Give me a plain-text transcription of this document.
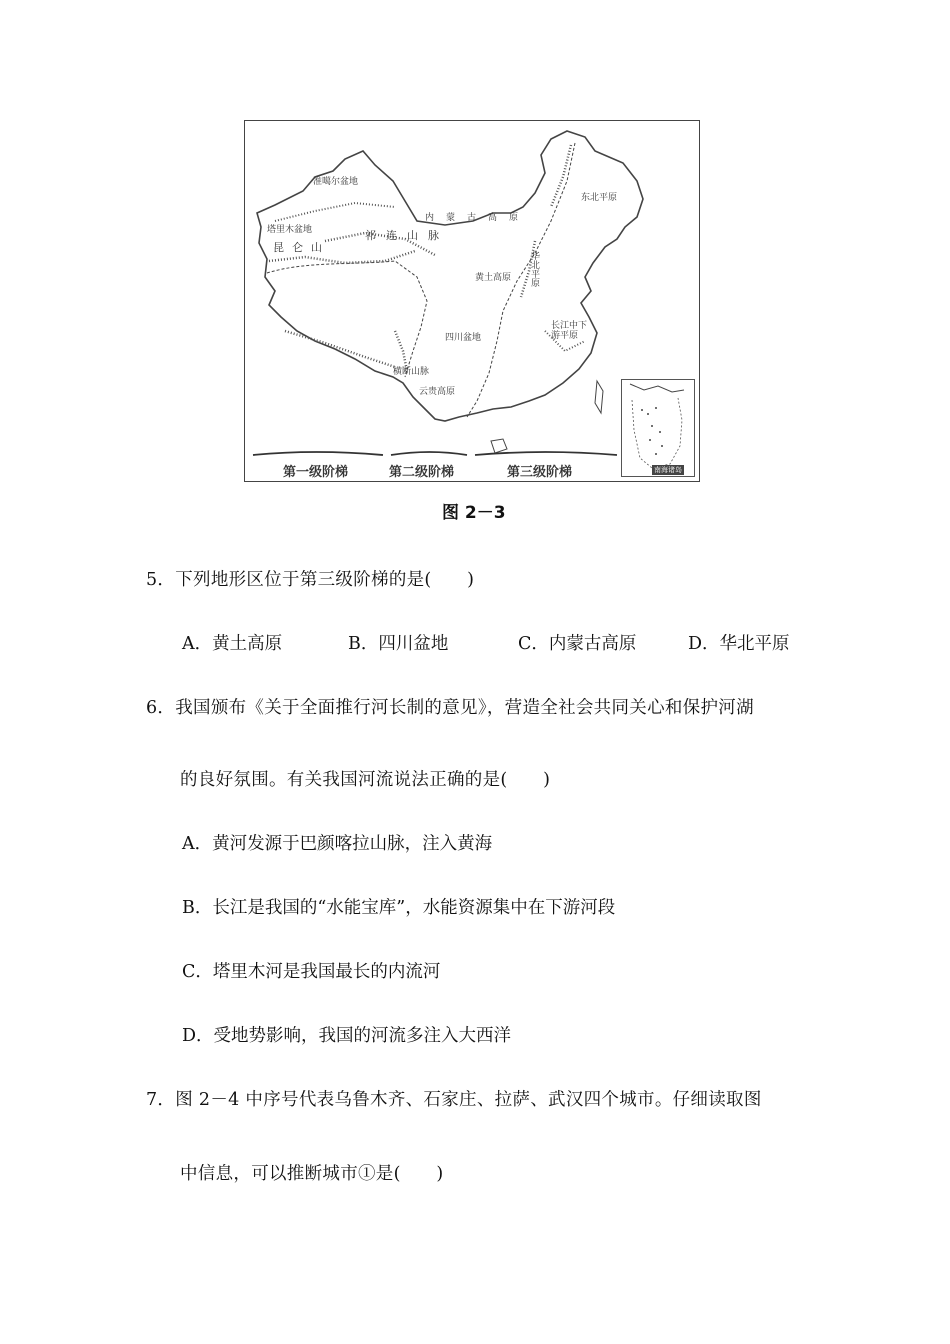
准噶尔盆地
塔里木盆地
昆仑山
祁连山脉
内蒙古高原
东北平原
黄土高原 华北平原
四川盆地
长江中下游平原
横断山脉
云贵高原
第一级阶梯	第二级阶梯	第三级阶梯	南海诸岛
图 2－3
5．下列地形区位于第三级阶梯的是(　　)
A．黄土高原	B．四川盆地	C．内蒙古高原	D．华北平原
6．我国颁布《关于全面推行河长制的意见》，营造全社会共同关心和保护河湖
的良好氛围。有关我国河流说法正确的是(　　)
A．黄河发源于巴颜喀拉山脉，注入黄海
B．长江是我国的“水能宝库”，水能资源集中在下游河段
C．塔里木河是我国最长的内流河
D．受地势影响，我国的河流多注入大西洋
7．图 2－4 中序号代表乌鲁木齐、石家庄、拉萨、武汉四个城市。仔细读取图
中信息，可以推断城市①是(　　)
